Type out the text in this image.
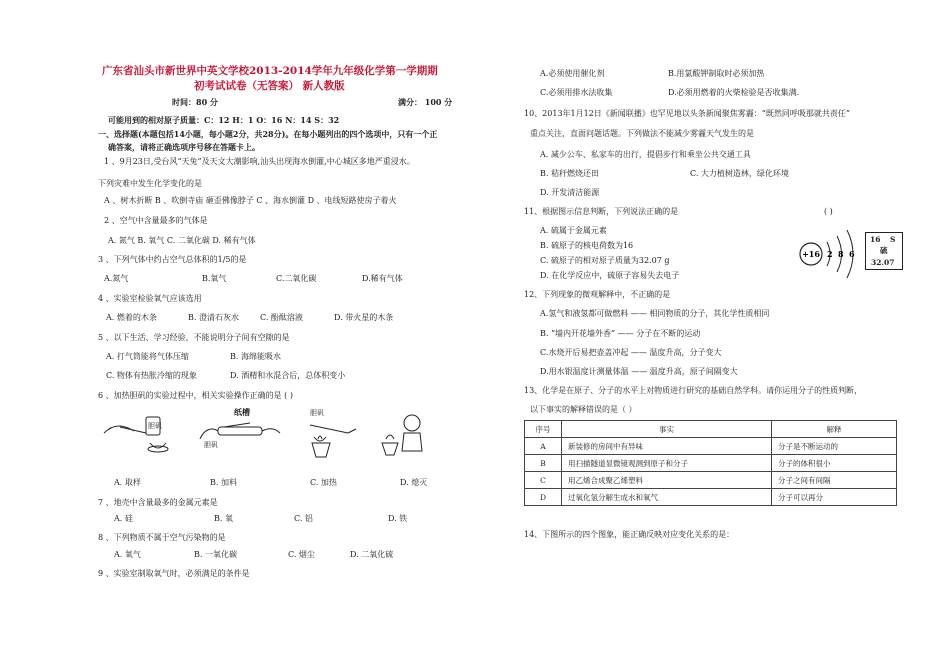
广东省汕头市新世界中英文学校2013-2014学年九年级化学第一学期期
初考试试卷（无答案） 新人教版
时间：80 分	满分： 100 分
可能用到的相对原子质量：C：12 H：1 O：16 N：14 S：32
一、选择题(本题包括14小题，每小题2分，共28分)。在每小题列出的四个选项中，只有一个正
确答案，请将正确选项序号移在答题卡上。
1 、9月23日,受台风“天兔”及天文大潮影响,汕头出现海水倒灌,中心城区多地严重浸水。
下列灾难中发生化学变化的是
A 、树木折断 B 、吹倒寺庙 砸歪佛像脖子 C 、海水倒灌 D 、电线短路使房子着火
2 、空气中含量最多的气体是
A. 氮气 B. 氧气 C. 二氧化碳 D. 稀有气体
3 、下列气体中约占空气总体积的1/5的是
A.氮气	B.氧气	C.二氧化碳	D.稀有气体
4 、实验室检验氧气应该选用
A. 燃着的木条	B. 澄清石灰水	C. 酚酞溶液	D. 带火星的木条
5 、以下生活、学习经验，不能说明分子间有空隙的是
A. 打气筒能将气体压缩	B. 海绵能吸水
C. 物体有热胀冷缩的现象	D. 酒精和水混合后，总体积变小
6 、加热胆矾的实验过程中，相关实验操作正确的是 ( )
胆矾
纸槽
胆矾
胆矾
A. 取样	B. 加料	C. 加热	D. 熄灭
7 、地壳中含量最多的金属元素是
A. 硅	B. 氧	C. 铝	D. 铁
8 、下列物质不属于空气污染物的是
A. 氧气	B. 一氧化碳	C. 烟尘	D. 二氧化硫
9 、实验室制取氧气时，必须满足的条件是
A.必须使用催化剂	B.用氯酸钾制取时必须加热
C.必须用排水法收集	D.必须用燃着的火柴检验是否收集满.
10、2013年1月12日《新闻联播》也罕见地以头条新闻聚焦雾霾：“既然同呼吸那就共责任”
重点关注，直面问题话题。下列做法不能减少雾霾天气发生的是
A. 减少公车、私家车的出行，提倡步行和乘坐公共交通工具
B. 秸秆燃烧还田	C. 大力植树造林，绿化环境
D. 开发清洁能源
11、根据图示信息判断，下列说法正确的是	( )
A. 硫属于金属元素
B. 硫原子的核电荷数为16
C. 硫原子的相对原子质量为32.07 g
D. 在化学反应中，硫原子容易失去电子
+16 2 8 6
16 S
硫
32.07
12、下列现象的微观解释中，不正确的是
A.氢气和液氢都可做燃料 —— 相同物质的分子，其化学性质相同
B. “墙内开花墙外香” —— 分子在不断的运动
C.水烧开后易把壶盖冲起 —— 温度升高，分子变大
D.用水银温度计测量体温 —— 温度升高，原子间隔变大
13、化学是在原子、分子的水平上对物质进行研究的基础自然学科。请你运用分子的性质判断，
以下事实的解释错误的是（ ）
序号	事实	解释
A	新装修的房间中有异味	分子是不断运动的
B	用扫描隧道显微镜观测到原子和分子	分子的体积很小
C	用乙烯合成聚乙烯塑料	分子之间有间隔
D	过氧化氢分解生成水和氧气	分子可以再分
14、下图所示的四个图象，能正确反映对应变化关系的是：
